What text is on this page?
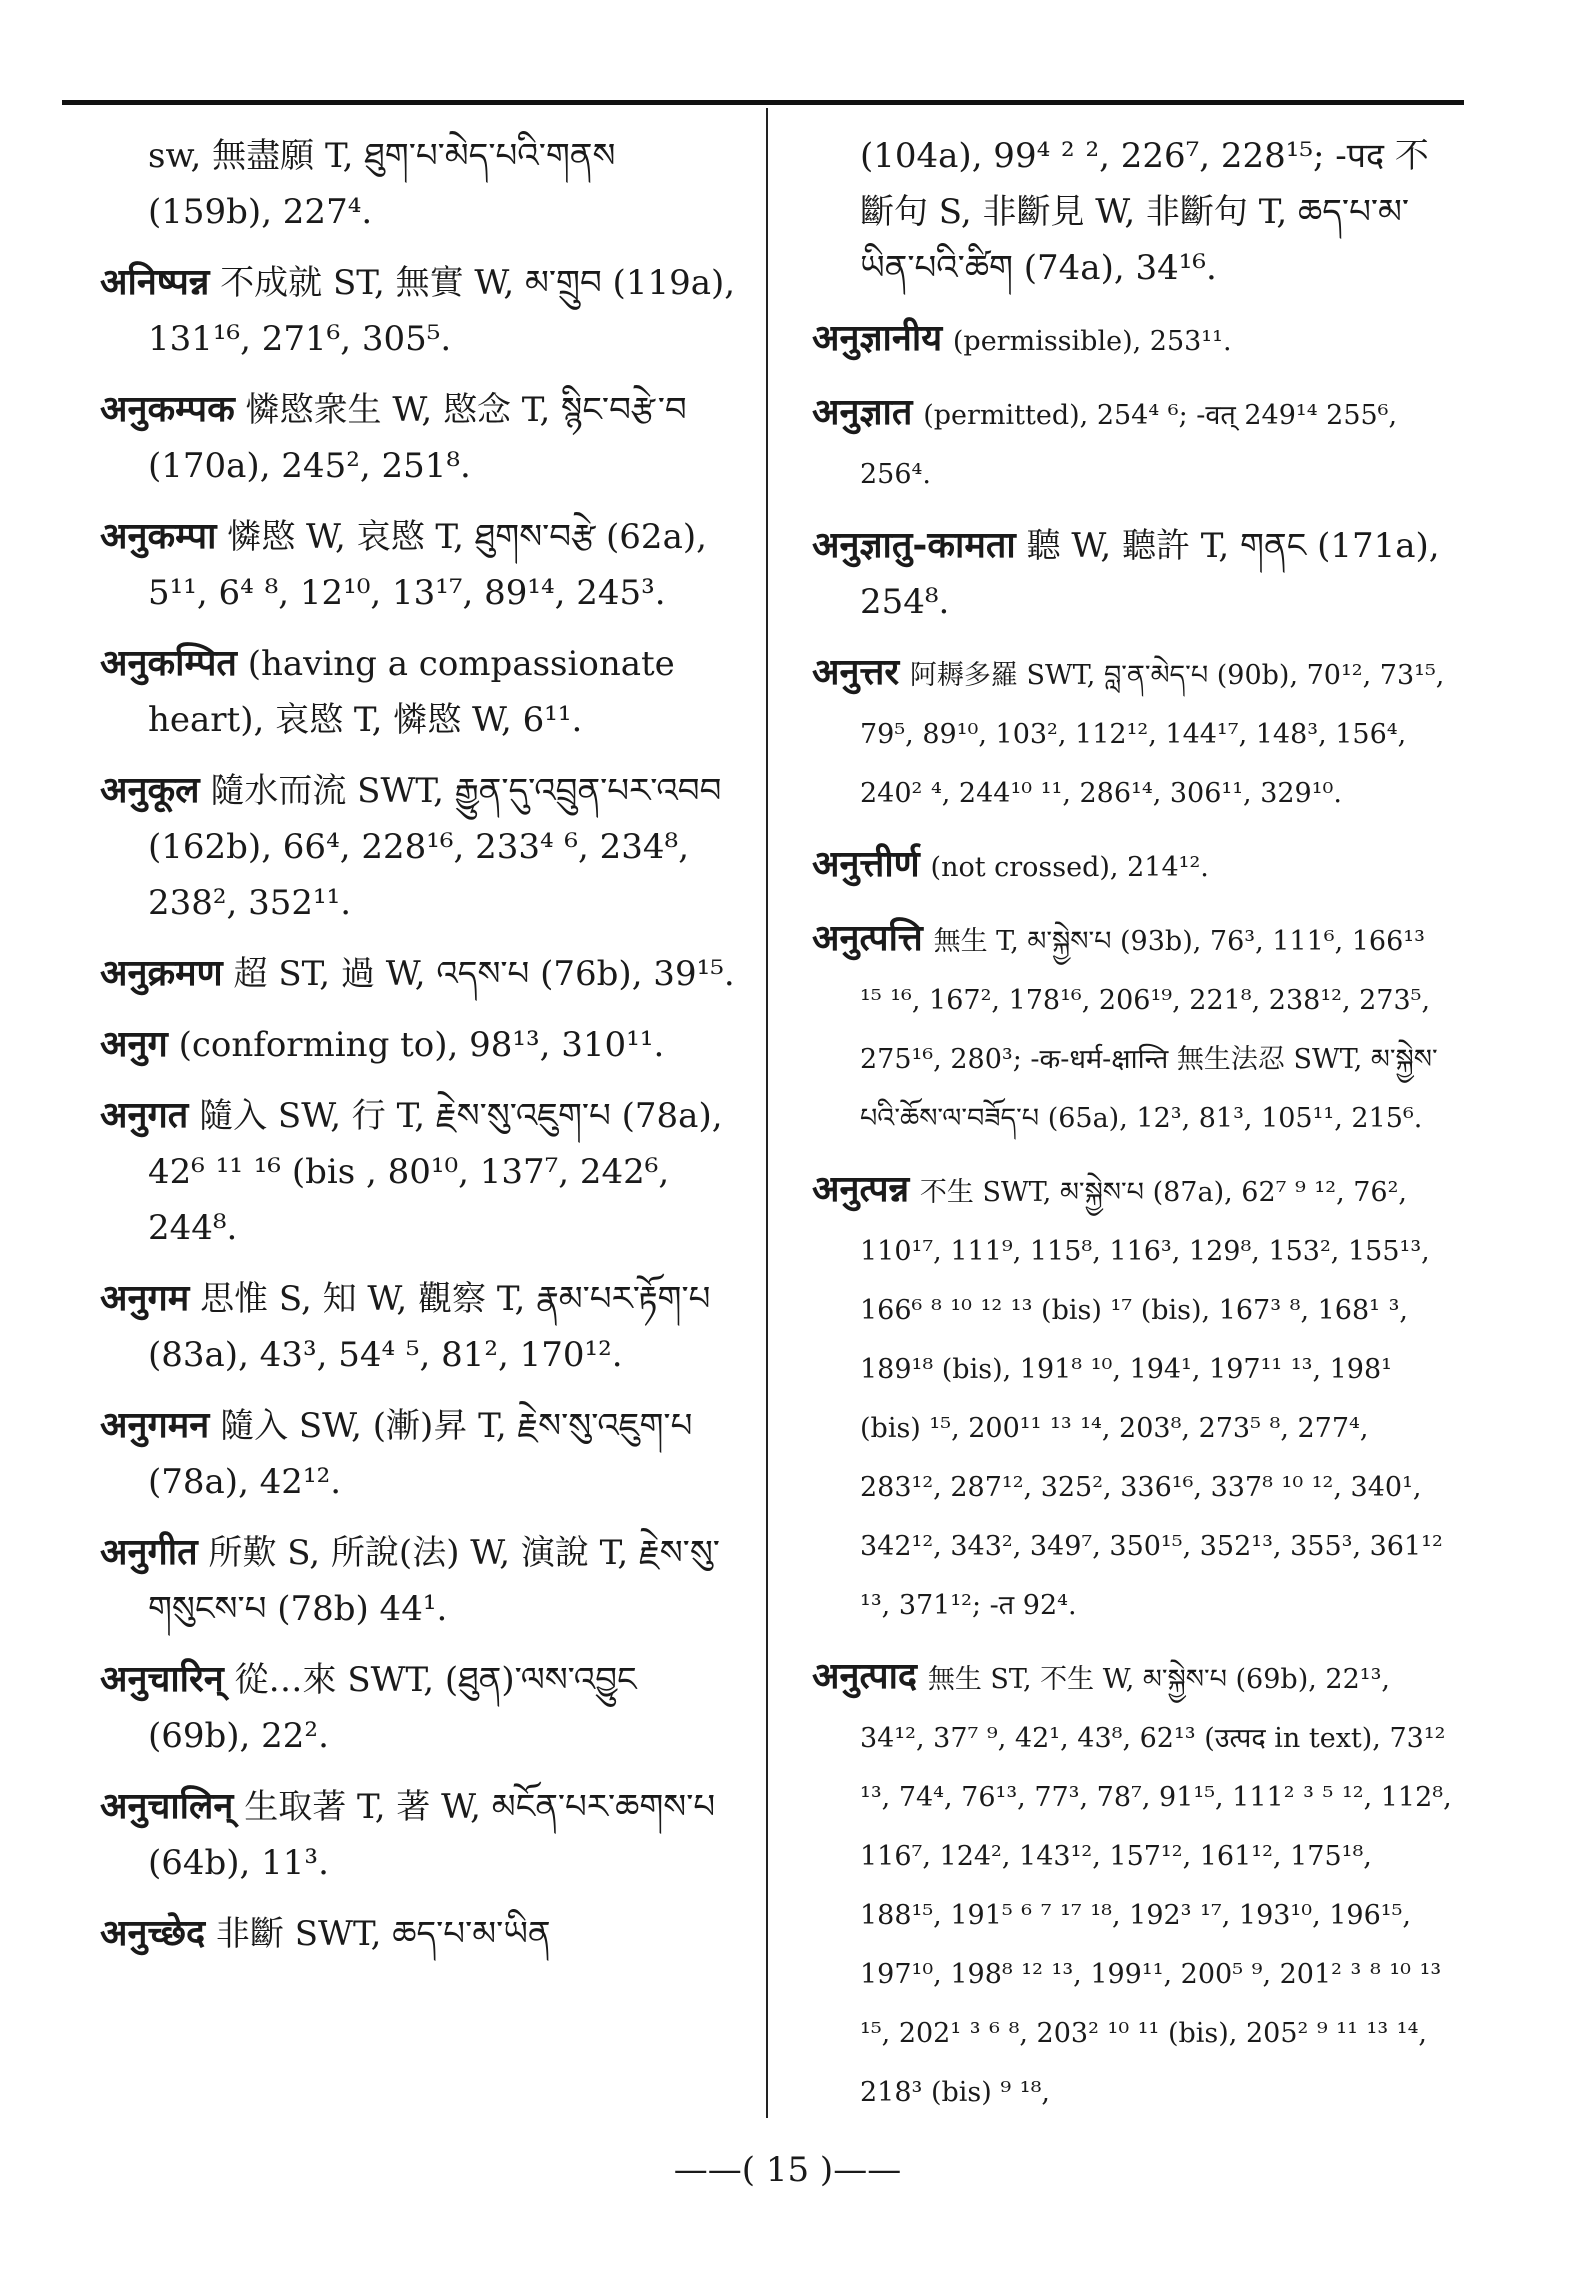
sw, 無盡願 T, ཐུག་པ་མེད་པའི་གནས (159b), 227⁴.
अनिष्पन्न 不成就 ST, 無實 W, མ་གྲུབ (119a), 131¹⁶, 271⁶, 305⁵.
अनुकम्पक 憐愍衆生 W, 愍念 T, སྙིང་བརྩེ་བ (170a), 245², 251⁸.
अनुकम्पा 憐愍 W, 哀愍 T, ཐུགས་བརྩེ (62a), 5¹¹, 6⁴ ⁸, 12¹⁰, 13¹⁷, 89¹⁴, 245³.
अनुकम्पित (having a compassionate heart), 哀愍 T, 憐愍 W, 6¹¹.
अनुकूल 隨水而流 SWT, རྒྱུན་དུ་འབྲུན་པར་འབབ (162b), 66⁴, 228¹⁶, 233⁴ ⁶, 234⁸, 238², 352¹¹.
अनुक्रमण 超 ST, 過 W, འདས་པ (76b), 39¹⁵.
अनुग (conforming to), 98¹³, 310¹¹.
अनुगत 隨入 SW, 行 T, རྗེས་སུ་འཇུག་པ (78a), 42⁶ ¹¹ ¹⁶ (bis , 80¹⁰, 137⁷, 242⁶, 244⁸.
अनुगम 思惟 S, 知 W, 觀察 T, རྣམ་པར་རྟོག་པ (83a), 43³, 54⁴ ⁵, 81², 170¹².
अनुगमन 隨入 SW, (漸)昇 T, རྗེས་སུ་འཇུག་པ (78a), 42¹².
अनुगीत 所歎 S, 所說(法) W, 演說 T, རྗེས་སུ་གསུངས་པ (78b) 44¹.
अनुचारिन् 從…來 SWT, (ཐུན)་ལས་འབྱུང (69b), 22².
अनुचालिन् 生取著 T, 著 W, མངོན་པར་ཆགས་པ (64b), 11³.
अनुच्छेद 非斷 SWT, ཆད་པ་མ་ཡིན
(104a), 99⁴ ² ², 226⁷, 228¹⁵; -पद 不斷句 S, 非斷見 W, 非斷句 T, ཆད་པ་མ་ཡིན་པའི་ཚིག (74a), 34¹⁶.
अनुज्ञानीय (permissible), 253¹¹.
अनुज्ञात (permitted), 254⁴ ⁶; -वत् 249¹⁴ 255⁶, 256⁴.
अनुज्ञातु-कामता 聽 W, 聽許 T, གནང (171a), 254⁸.
अनुत्तर 阿耨多羅 SWT, བླ་ན་མེད་པ (90b), 70¹², 73¹⁵, 79⁵, 89¹⁰, 103², 112¹², 144¹⁷, 148³, 156⁴, 240² ⁴, 244¹⁰ ¹¹, 286¹⁴, 306¹¹, 329¹⁰.
अनुत्तीर्ण (not crossed), 214¹².
अनुत्पत्ति 無生 T, མ་སྐྱེས་པ (93b), 76³, 111⁶, 166¹³ ¹⁵ ¹⁶, 167², 178¹⁶, 206¹⁹, 221⁸, 238¹², 273⁵, 275¹⁶, 280³; -क-धर्म-क्षान्ति 無生法忍 SWT, མ་སྐྱེས་པའི་ཆོས་ལ་བཟོད་པ (65a), 12³, 81³, 105¹¹, 215⁶.
अनुत्पन्न 不生 SWT, མ་སྐྱེས་པ (87a), 62⁷ ⁹ ¹², 76², 110¹⁷, 111⁹, 115⁸, 116³, 129⁸, 153², 155¹³, 166⁶ ⁸ ¹⁰ ¹² ¹³ (bis) ¹⁷ (bis), 167³ ⁸, 168¹ ³, 189¹⁸ (bis), 191⁸ ¹⁰, 194¹, 197¹¹ ¹³, 198¹ (bis) ¹⁵, 200¹¹ ¹³ ¹⁴, 203⁸, 273⁵ ⁸, 277⁴, 283¹², 287¹², 325², 336¹⁶, 337⁸ ¹⁰ ¹², 340¹, 342¹², 343², 349⁷, 350¹⁵, 352¹³, 355³, 361¹² ¹³, 371¹²; -त 92⁴.
अनुत्पाद 無生 ST, 不生 W, མ་སྐྱེས་པ (69b), 22¹³, 34¹², 37⁷ ⁹, 42¹, 43⁸, 62¹³ (उत्पद in text), 73¹² ¹³, 74⁴, 76¹³, 77³, 78⁷, 91¹⁵, 111² ³ ⁵ ¹², 112⁸, 116⁷, 124², 143¹², 157¹², 161¹², 175¹⁸, 188¹⁵, 191⁵ ⁶ ⁷ ¹⁷ ¹⁸, 192³ ¹⁷, 193¹⁰, 196¹⁵, 197¹⁰, 198⁸ ¹² ¹³, 199¹¹, 200⁵ ⁹, 201² ³ ⁸ ¹⁰ ¹³ ¹⁵, 202¹ ³ ⁶ ⁸, 203² ¹⁰ ¹¹ (bis), 205² ⁹ ¹¹ ¹³ ¹⁴, 218³ (bis) ⁹ ¹⁸,
——( 15 )——
